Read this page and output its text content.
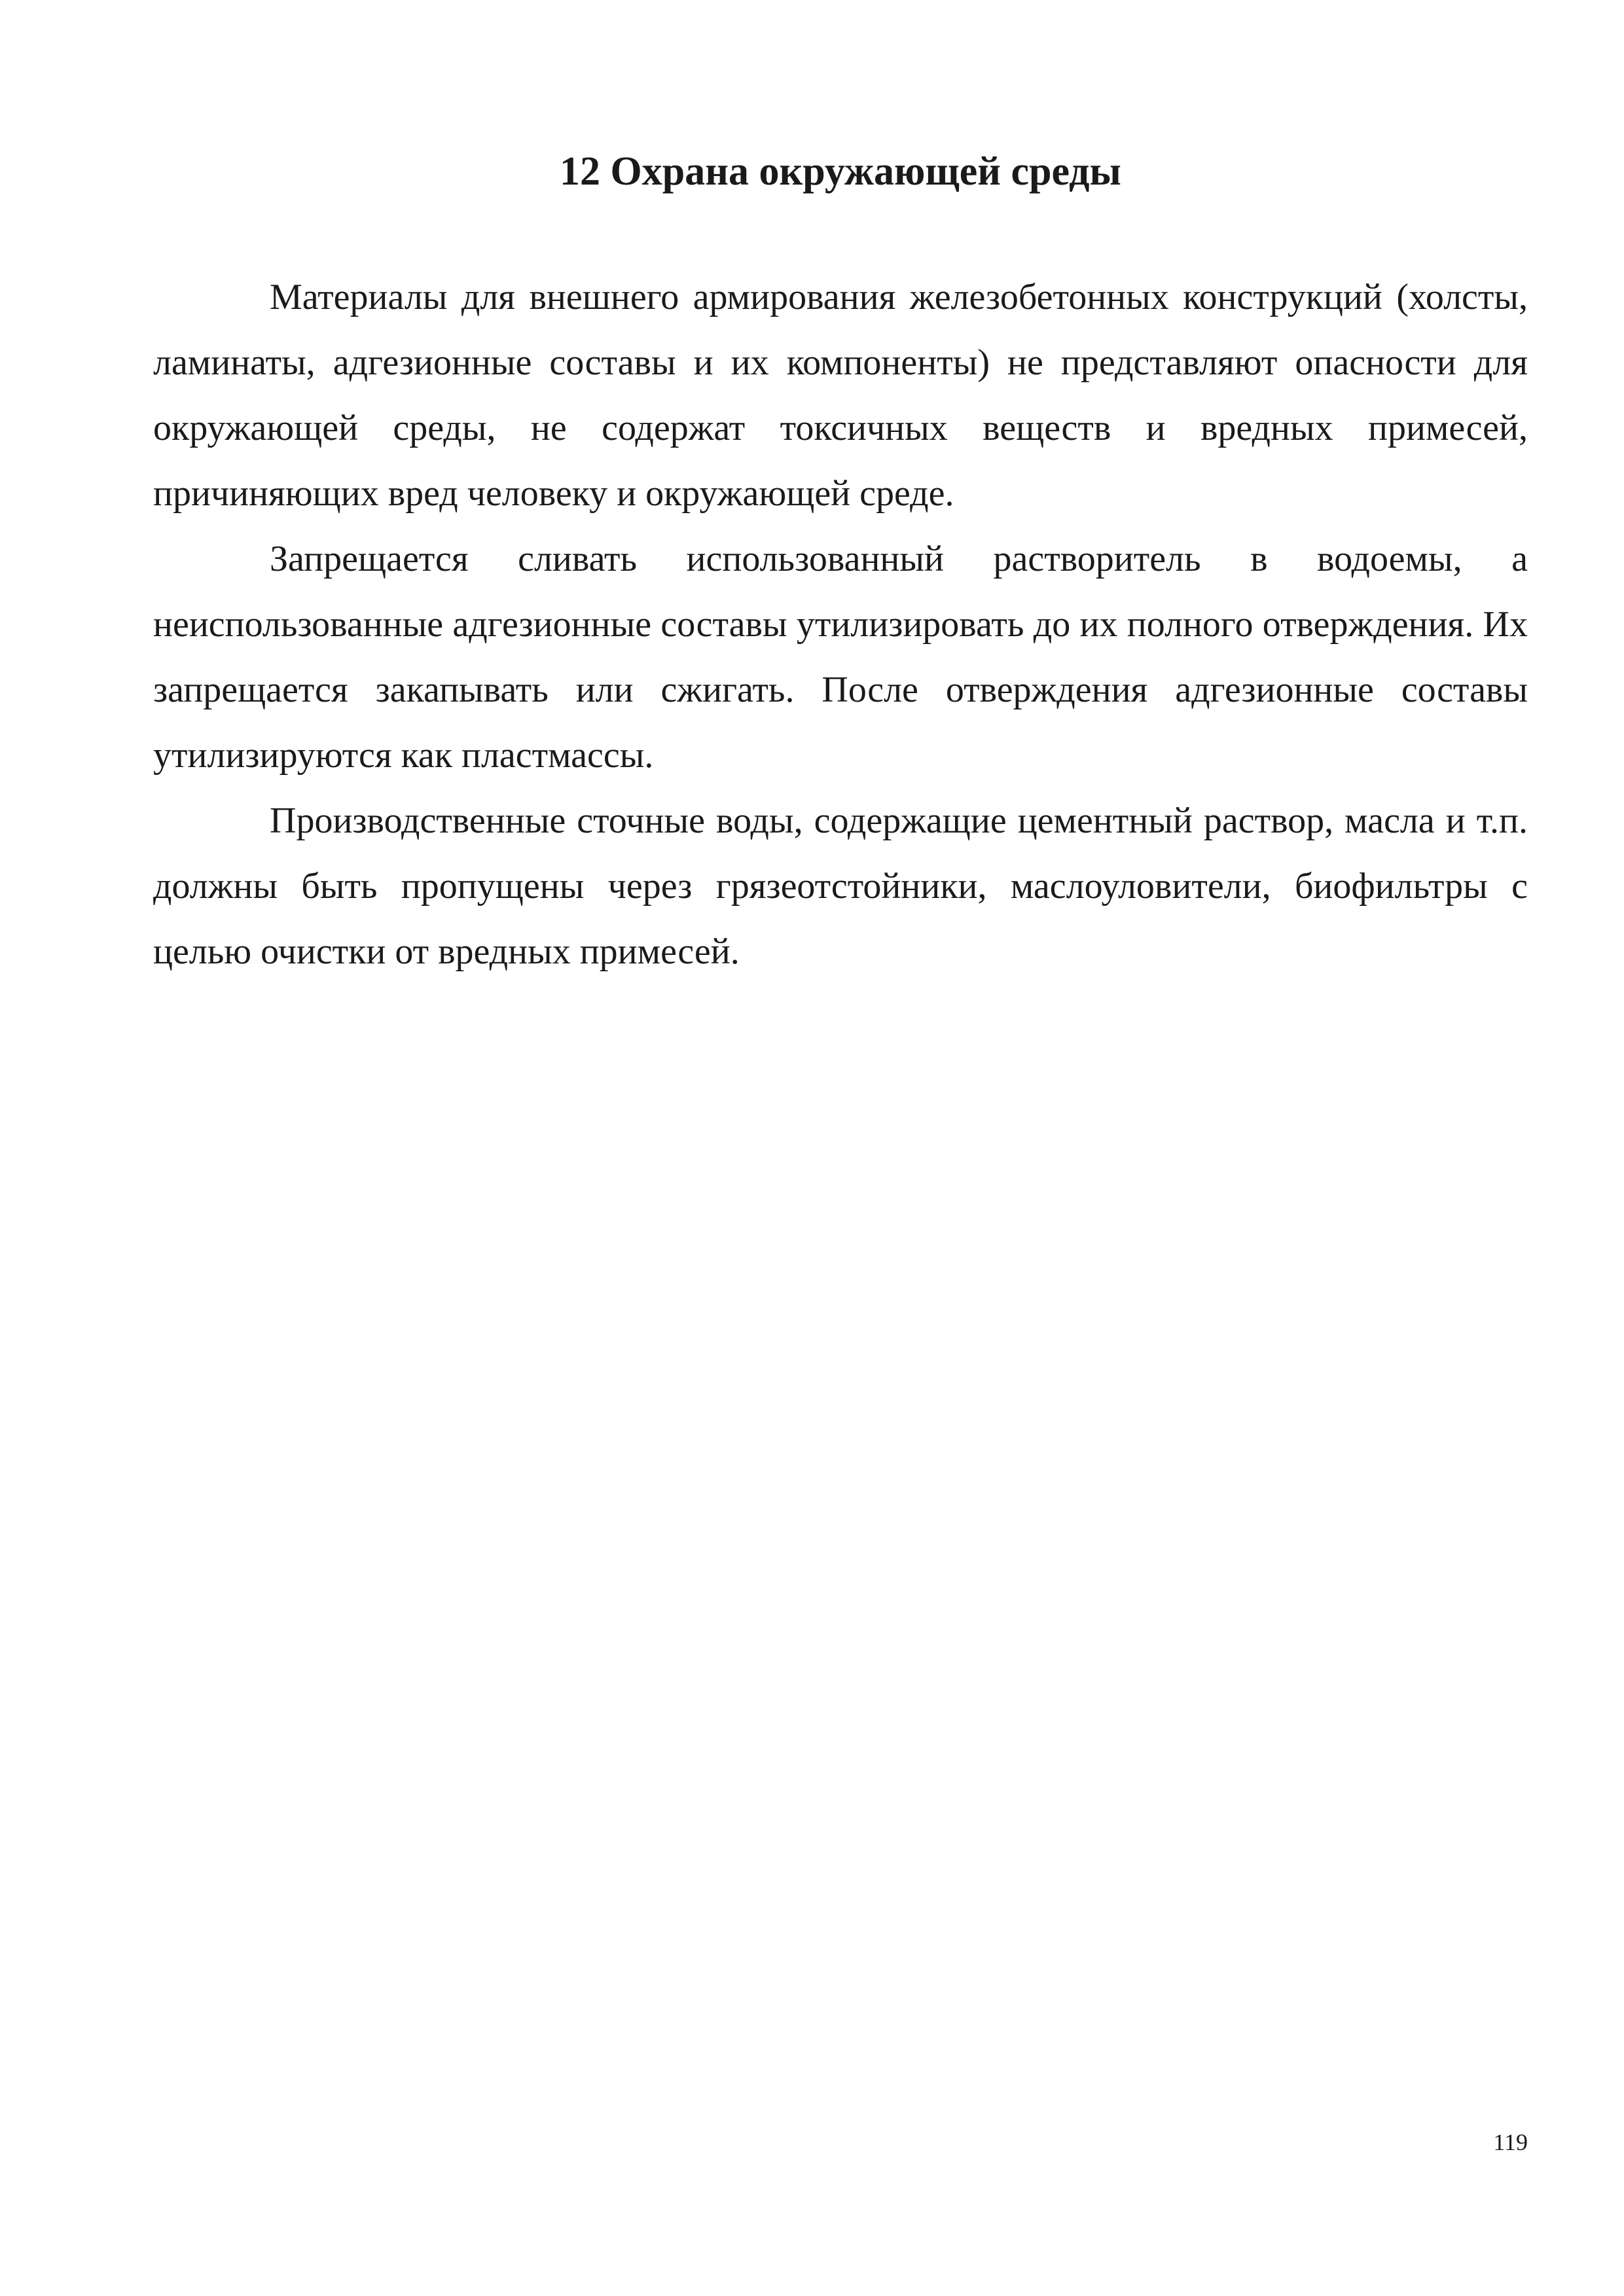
12 Охрана окружающей среды

Материалы для внешнего армирования железобетонных конструкций (холсты, ламинаты, адгезионные составы и их компоненты) не представляют опасности для окружающей среды, не содержат токсичных веществ и вредных примесей, причиняющих вред человеку и окружающей среде.

Запрещается сливать использованный растворитель в водоемы, а неиспользованные адгезионные составы утилизировать до их полного отверждения. Их запрещается закапывать или сжигать. После отверждения адгезионные составы утилизируются как пластмассы.

Производственные сточные воды, содержащие цементный раствор, масла и т.п. должны быть пропущены через грязеотстойники, маслоуловители, биофильтры с целью очистки от вредных примесей.

119
